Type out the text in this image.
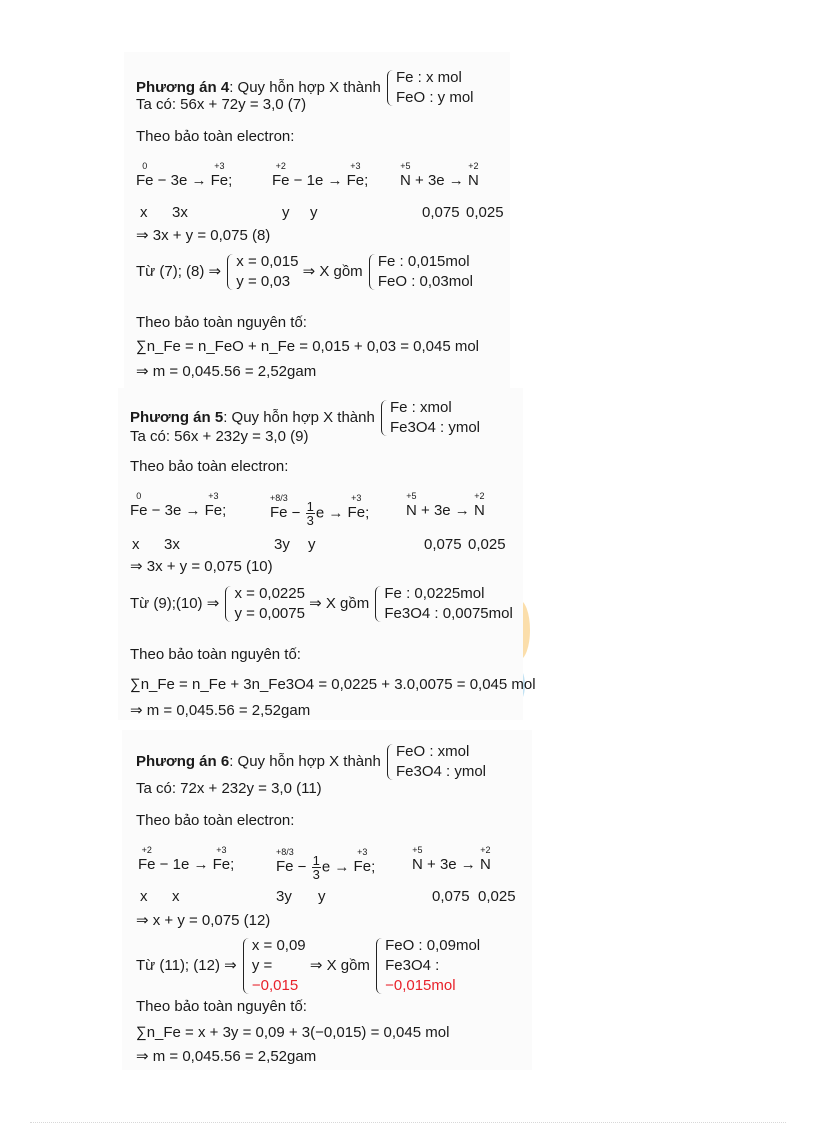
Phương án 4: Quy hỗn hợp X thành
Fe : x mol
FeO : y mol
Ta có: 56x + 72y = 3,0 (7)
Theo bảo toàn electron:
0
Fe − 3e →
+3
Fe;
+2
Fe − 1e →
+3
Fe;
+5
N + 3e →
+2
N
x 3x	y y	0,075 0,025
⇒ 3x + y = 0,075 (8)
Từ (7); (8) ⇒
x = 0,015
y = 0,03
⇒ X gồm
Fe : 0,015mol
FeO : 0,03mol
Theo bảo toàn nguyên tố:
∑n_Fe = n_FeO + n_Fe = 0,015 + 0,03 = 0,045 mol
⇒ m = 0,045.56 = 2,52gam
Phương án 5: Quy hỗn hợp X thành
Fe : xmol
Fe3O4 : ymol
Ta có: 56x + 232y = 3,0 (9)
Theo bảo toàn electron:
0
Fe − 3e →
+3
Fe;
+8/3
$Fe - \frac{1}{3}$ e →
+3
Fe;
+5
N + 3e →
+2
N
x 3x	3y y	0,075 0,025
⇒ 3x + y = 0,075 (10)
Từ (9);(10) ⇒
x = 0,0225
y = 0,0075
⇒ X gồm
Fe : 0,0225mol
Fe3O4 : 0,0075mol
Theo bảo toàn nguyên tố:
∑n_Fe = n_Fe + 3n_Fe3O4 = 0,0225 + 3.0,0075 = 0,045 mol
⇒ m = 0,045.56 = 2,52gam
Phương án 6: Quy hỗn hợp X thành
FeO : xmol
Fe3O4 : ymol
Ta có: 72x + 232y = 3,0 (11)
Theo bảo toàn electron:
+2
Fe − 1e →
+3
Fe;
+8/3
$Fe - \frac{1}{3}$ e →
+3
Fe;
+5
N + 3e →
+2
N
x x	3y y	0,075 0,025
⇒ x + y = 0,075 (12)
Từ (11); (12) ⇒
x = 0,09
y =
−0,015
⇒ X gồm
FeO : 0,09mol
Fe3O4 :
−0,015mol
Theo bảo toàn nguyên tố:
∑n_Fe = x + 3y = 0,09 + 3(−0,015) = 0,045 mol
⇒ m = 0,045.56 = 2,52gam
